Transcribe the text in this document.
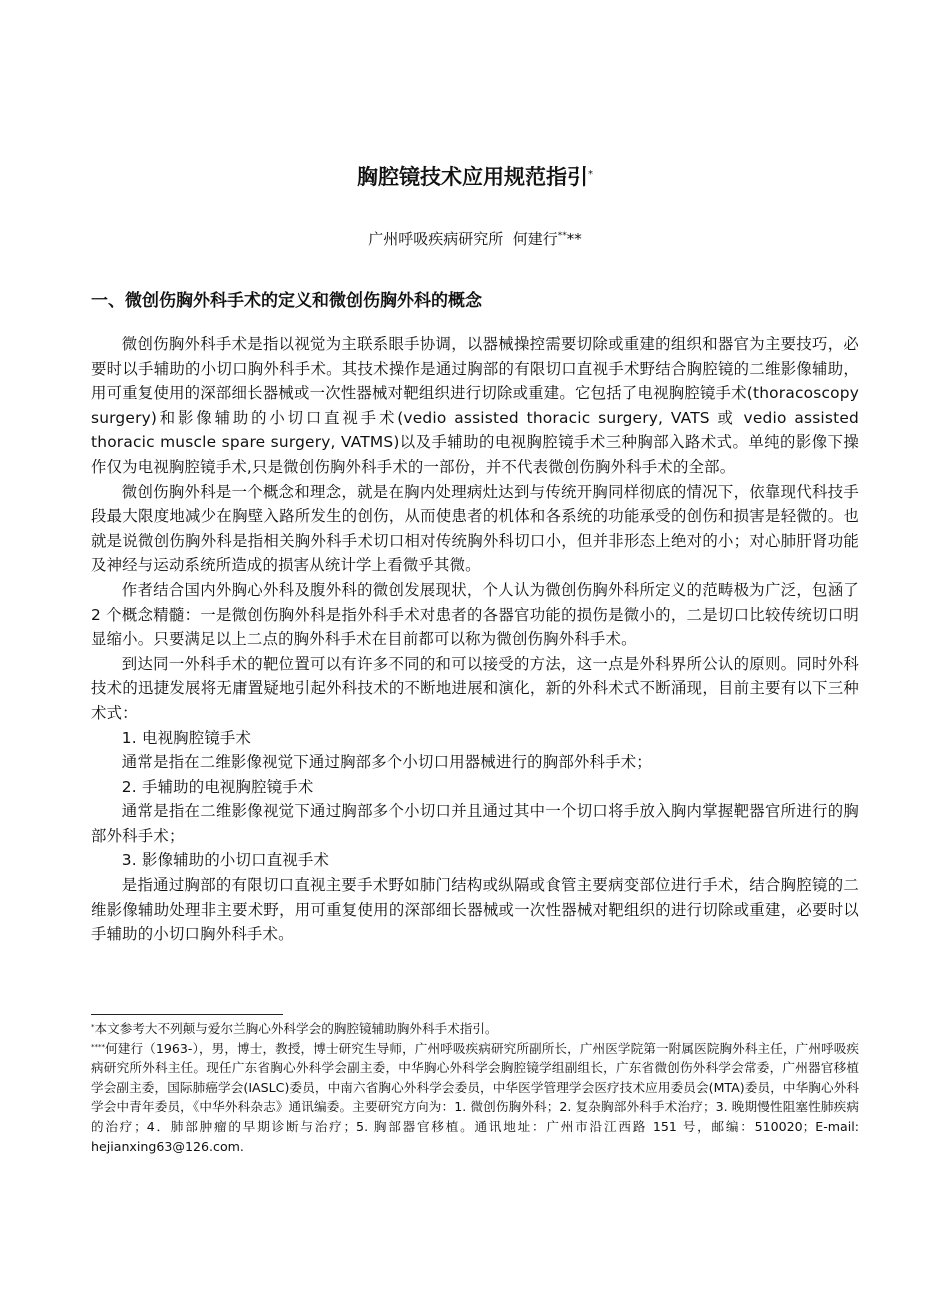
胸腔镜技术应用规范指引*
广州呼吸疾病研究所  何建行****
一、微创伤胸外科手术的定义和微创伤胸外科的概念

微创伤胸外科手术是指以视觉为主联系眼手协调，以器械操控需要切除或重建的组织和器官为主要技巧，必要时以手辅助的小切口胸外科手术。其技术操作是通过胸部的有限切口直视手术野结合胸腔镜的二维影像辅助，用可重复使用的深部细长器械或一次性器械对靶组织进行切除或重建。它包括了电视胸腔镜手术(thoracoscopy surgery)和影像辅助的小切口直视手术(vedio assisted thoracic surgery, VATS 或 vedio assisted thoracic muscle spare surgery, VATMS)以及手辅助的电视胸腔镜手术三种胸部入路术式。单纯的影像下操作仅为电视胸腔镜手术,只是微创伤胸外科手术的一部份，并不代表微创伤胸外科手术的全部。

微创伤胸外科是一个概念和理念，就是在胸内处理病灶达到与传统开胸同样彻底的情况下，依靠现代科技手段最大限度地减少在胸壁入路所发生的创伤，从而使患者的机体和各系统的功能承受的创伤和损害是轻微的。也就是说微创伤胸外科是指相关胸外科手术切口相对传统胸外科切口小，但并非形态上绝对的小；对心肺肝肾功能及神经与运动系统所造成的损害从统计学上看微乎其微。

作者结合国内外胸心外科及腹外科的微创发展现状，个人认为微创伤胸外科所定义的范畴极为广泛，包涵了 2 个概念精髓：一是微创伤胸外科是指外科手术对患者的各器官功能的损伤是微小的，二是切口比较传统切口明显缩小。只要满足以上二点的胸外科手术在目前都可以称为微创伤胸外科手术。

到达同一外科手术的靶位置可以有许多不同的和可以接受的方法，这一点是外科界所公认的原则。同时外科技术的迅捷发展将无庸置疑地引起外科技术的不断地进展和演化，新的外科术式不断涌现，目前主要有以下三种术式：

1. 电视胸腔镜手术

通常是指在二维影像视觉下通过胸部多个小切口用器械进行的胸部外科手术；

2. 手辅助的电视胸腔镜手术

通常是指在二维影像视觉下通过胸部多个小切口并且通过其中一个切口将手放入胸内掌握靶器官所进行的胸部外科手术；

3. 影像辅助的小切口直视手术

是指通过胸部的有限切口直视主要手术野如肺门结构或纵隔或食管主要病变部位进行手术，结合胸腔镜的二维影像辅助处理非主要术野，用可重复使用的深部细长器械或一次性器械对靶组织的进行切除或重建，必要时以手辅助的小切口胸外科手术。

*本文参考大不列颠与爱尔兰胸心外科学会的胸腔镜辅助胸外科手术指引。

****何建行（1963-），男，博士，教授，博士研究生导师，广州呼吸疾病研究所副所长，广州医学院第一附属医院胸外科主任，广州呼吸疾病研究所外科主任。现任广东省胸心外科学会副主委，中华胸心外科学会胸腔镜学组副组长，广东省微创伤外科学会常委，广州器官移植学会副主委，国际肺癌学会(IASLC)委员，中南六省胸心外科学会委员，中华医学管理学会医疗技术应用委员会(MTA)委员，中华胸心外科学会中青年委员，《中华外科杂志》通讯编委。主要研究方向为：1. 微创伤胸外科；2. 复杂胸部外科手术治疗；3. 晚期慢性阻塞性肺疾病的治疗；4．肺部肿瘤的早期诊断与治疗；5. 胸部器官移植。通讯地址：广州市沿江西路 151 号，邮编：510020；E-mail: hejianxing63@126.com.
